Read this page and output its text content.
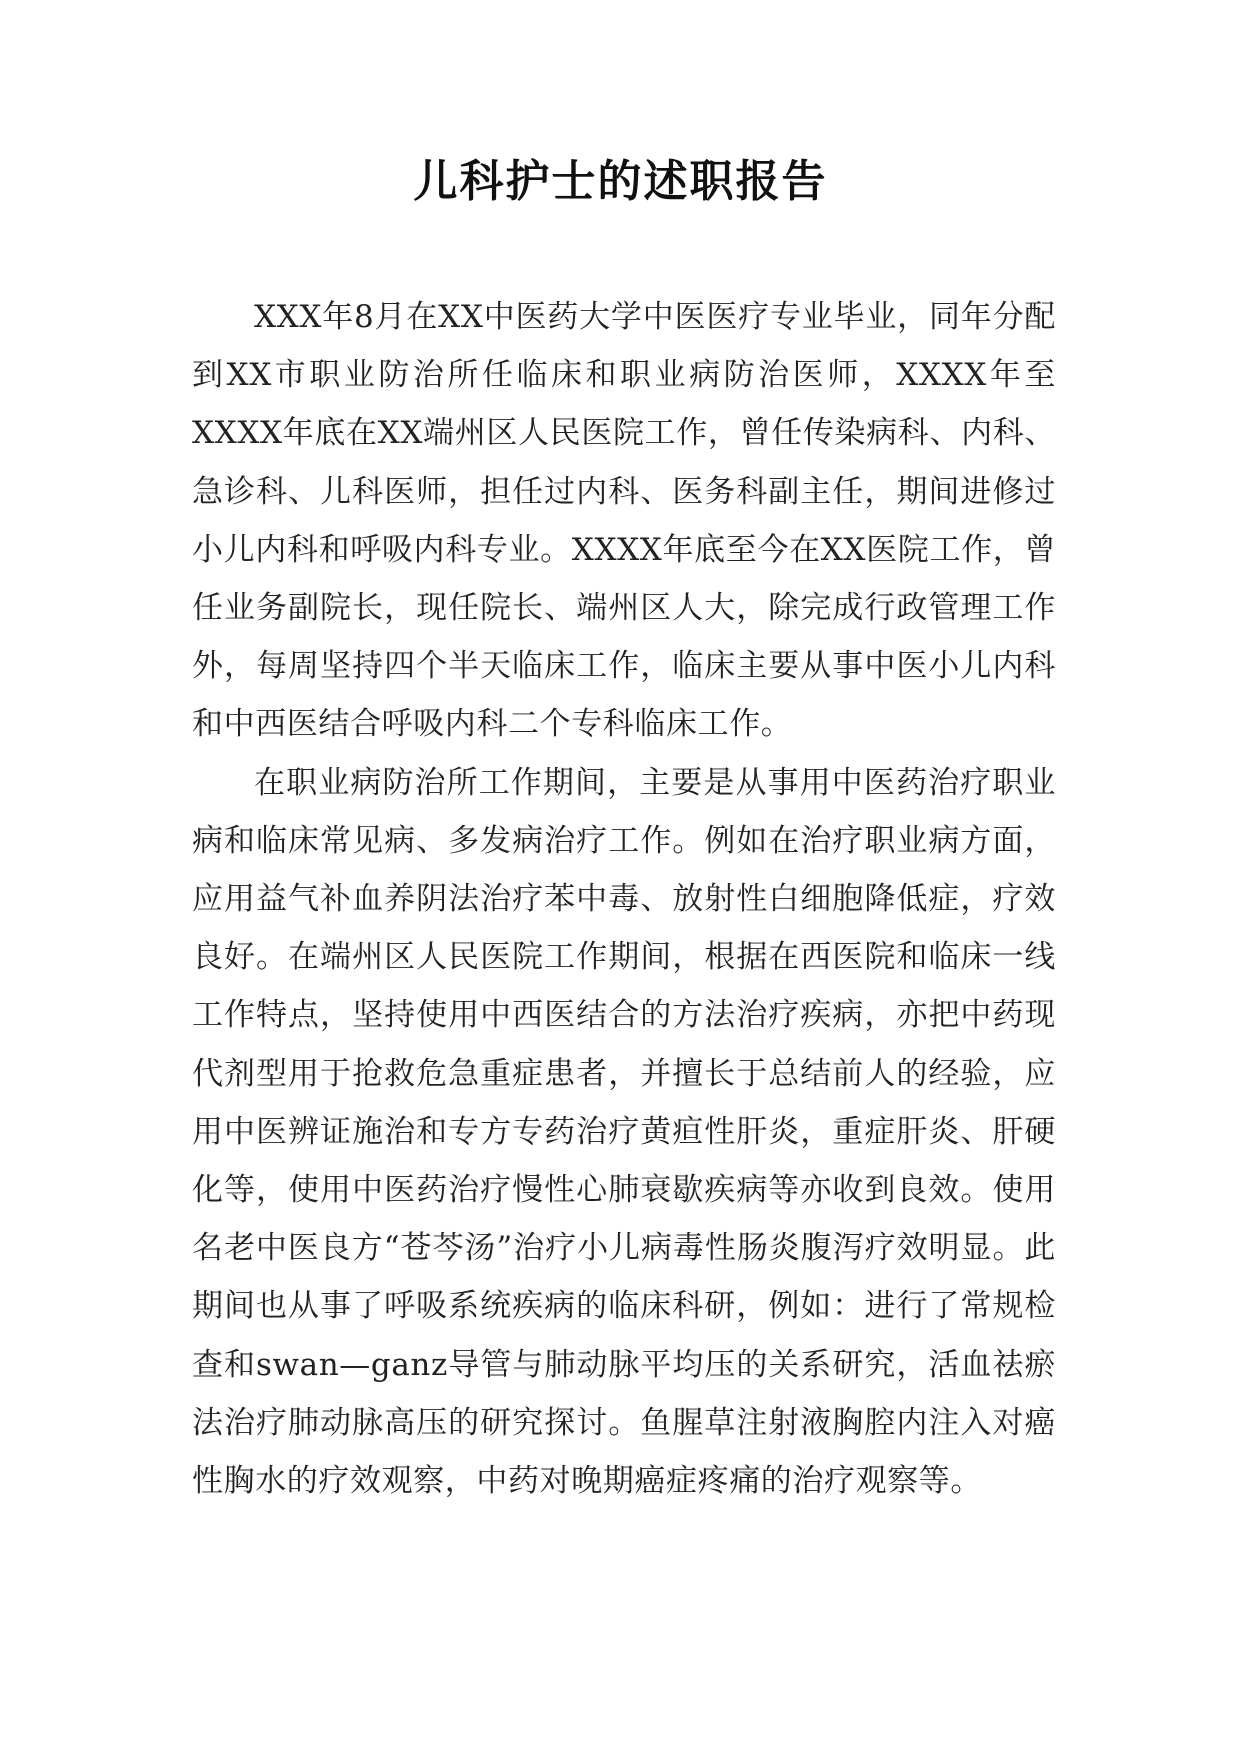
儿科护士的述职报告

XXX年8月在XX中医药大学中医医疗专业毕业，同年分配到XX市职业防治所任临床和职业病防治医师，XXXX年至XXXX年底在XX端州区人民医院工作，曾任传染病科、内科、急诊科、儿科医师，担任过内科、医务科副主任，期间进修过小儿内科和呼吸内科专业。XXXX年底至今在XX医院工作，曾任业务副院长，现任院长、端州区人大，除完成行政管理工作外，每周坚持四个半天临床工作，临床主要从事中医小儿内科和中西医结合呼吸内科二个专科临床工作。

在职业病防治所工作期间，主要是从事用中医药治疗职业病和临床常见病、多发病治疗工作。例如在治疗职业病方面，应用益气补血养阴法治疗苯中毒、放射性白细胞降低症，疗效良好。在端州区人民医院工作期间，根据在西医院和临床一线工作特点，坚持使用中西医结合的方法治疗疾病，亦把中药现代剂型用于抢救危急重症患者，并擅长于总结前人的经验，应用中医辨证施治和专方专药治疗黄疸性肝炎，重症肝炎、肝硬化等，使用中医药治疗慢性心肺衰歇疾病等亦收到良效。使用名老中医良方“苍芩汤”治疗小儿病毒性肠炎腹泻疗效明显。此期间也从事了呼吸系统疾病的临床科研，例如：进行了常规检查和swan—ganz导管与肺动脉平均压的关系研究，活血祛瘀法治疗肺动脉高压的研究探讨。鱼腥草注射液胸腔内注入对癌性胸水的疗效观察，中药对晚期癌症疼痛的治疗观察等。
